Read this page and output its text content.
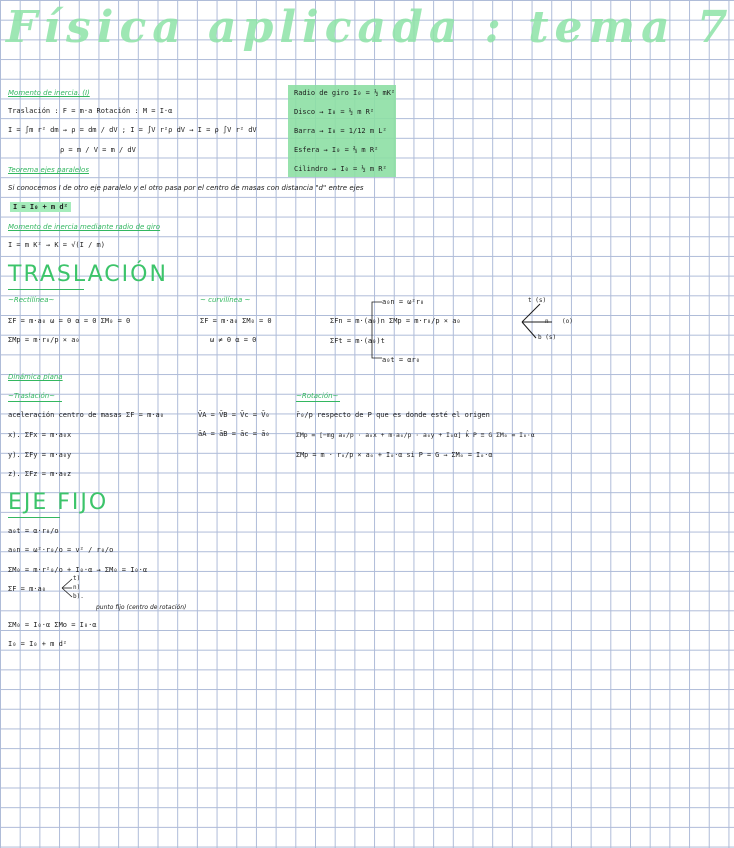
Física aplicada : tema 7
Momento de inercia. (I)
Traslación : F = m·a Rotación : M = I·α
I = ∫m r² dm → ρ = dm / dV ; I = ∫V r²ρ dV → I = ρ ∫V r² dV
ρ = m / V = m / dV
Radio de giro I₀ = ½ mK²
Disco → I₀ = ½ m R²
Barra → I₀ = 1/12 m L²
Esfera → I₀ = ⅔ m R²
Cilindro → I₀ = ½ m R²
Teorema ejes paralelos
Si conocemos I de otro eje paralelo y el otro pasa por el centro de masas con distancia "d" entre ejes
I = I₀ + m d²
Momento de inercia mediante radio de giro
I = m K² → K = √(I / m)
TRASLACIÓN
~Rectilínea~
ΣF = m·a₀ ω = 0 α = 0 ΣM₀ = 0
ΣMp = m·r₀/p × a₀
~ curvilínea ~
ΣF = m·a₀ ΣM₀ = 0
ω ≠ 0 α = 0
a₀n = ω²r₀
ΣFn = m·(a₀)n ΣMp = m·r₀/p × a₀
ΣFt = m·(a₀)t
a₀t = αr₀
t (s)
n (o)
b (s)
Dinámica plana
~Traslación~
aceleración centro de masas ΣF = m·a₀
x). ΣFx = m·a₀x
y). ΣFy = m·a₀y
z). ΣFz = m·a₀z
V̄A = V̄B = V̄c = V̄₀
āA = āB = āc = ā₀
~Rotación~
r̄₀/p respecto de P que es donde esté el origen
ΣMp = [−mg a₀/p · a₀x + m·a₀/p · a₀y + I₀α] k̂ P ≡ G ΣM₀ = I₀·α
ΣMp = m · r₀/p × a₀ + I₀·α si P = G → ΣM₀ = I₀·α
EJE FIJO
a₀t = α·r₀/o
a₀n = ω²·r₀/o = v² / r₀/o
ΣM₀ = m·r²₀/o + I₀·α → ΣM₀ = I₀·α
ΣF = m·a₀
t)
n)
b).
punto fijo (centro de rotación)
ΣM₀ = I₀·α ΣMo = I₀·α
I₀ = I₀ + m d²
